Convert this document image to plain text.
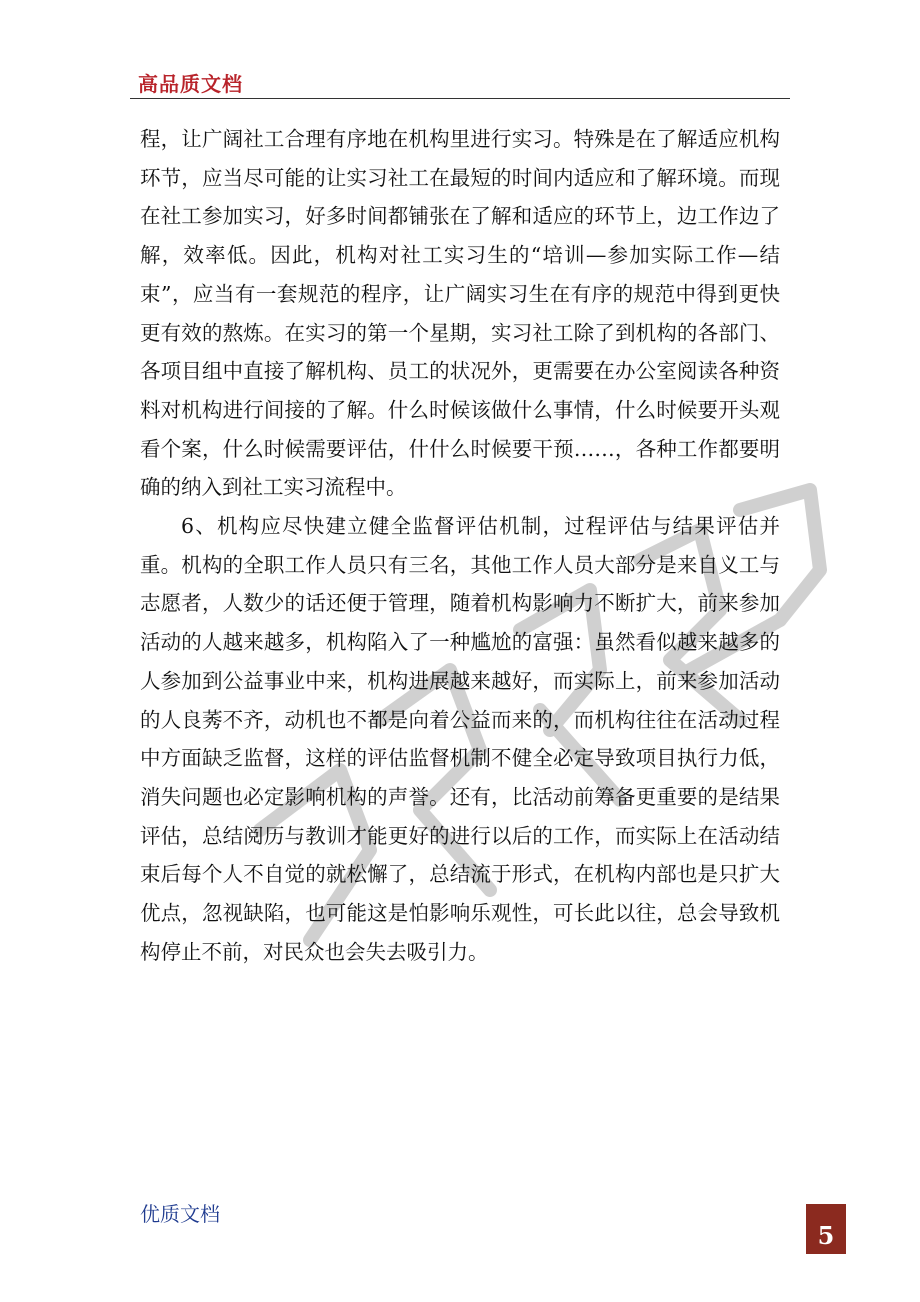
高品质文档

程，让广阔社工合理有序地在机构里进行实习。特殊是在了解适应机构环节，应当尽可能的让实习社工在最短的时间内适应和了解环境。而现在社工参加实习，好多时间都铺张在了解和适应的环节上，边工作边了解，效率低。因此，机构对社工实习生的“培训—参加实际工作—结束”，应当有一套规范的程序，让广阔实习生在有序的规范中得到更快更有效的熬炼。在实习的第一个星期，实习社工除了到机构的各部门、各项目组中直接了解机构、员工的状况外，更需要在办公室阅读各种资料对机构进行间接的了解。什么时候该做什么事情，什么时候要开头观看个案，什么时候需要评估，什什么时候要干预……，各种工作都要明确的纳入到社工实习流程中。

6、机构应尽快建立健全监督评估机制，过程评估与结果评估并重。机构的全职工作人员只有三名，其他工作人员大部分是来自义工与志愿者，人数少的话还便于管理，随着机构影响力不断扩大，前来参加活动的人越来越多，机构陷入了一种尴尬的富强：虽然看似越来越多的人参加到公益事业中来，机构进展越来越好，而实际上，前来参加活动的人良莠不齐，动机也不都是向着公益而来的，而机构往往在活动过程中方面缺乏监督，这样的评估监督机制不健全必定导致项目执行力低，消失问题也必定影响机构的声誉。还有，比活动前筹备更重要的是结果评估，总结阅历与教训才能更好的进行以后的工作，而实际上在活动结束后每个人不自觉的就松懈了，总结流于形式，在机构内部也是只扩大优点，忽视缺陷，也可能这是怕影响乐观性，可长此以往，总会导致机构停止不前，对民众也会失去吸引力。

优质文档
5
